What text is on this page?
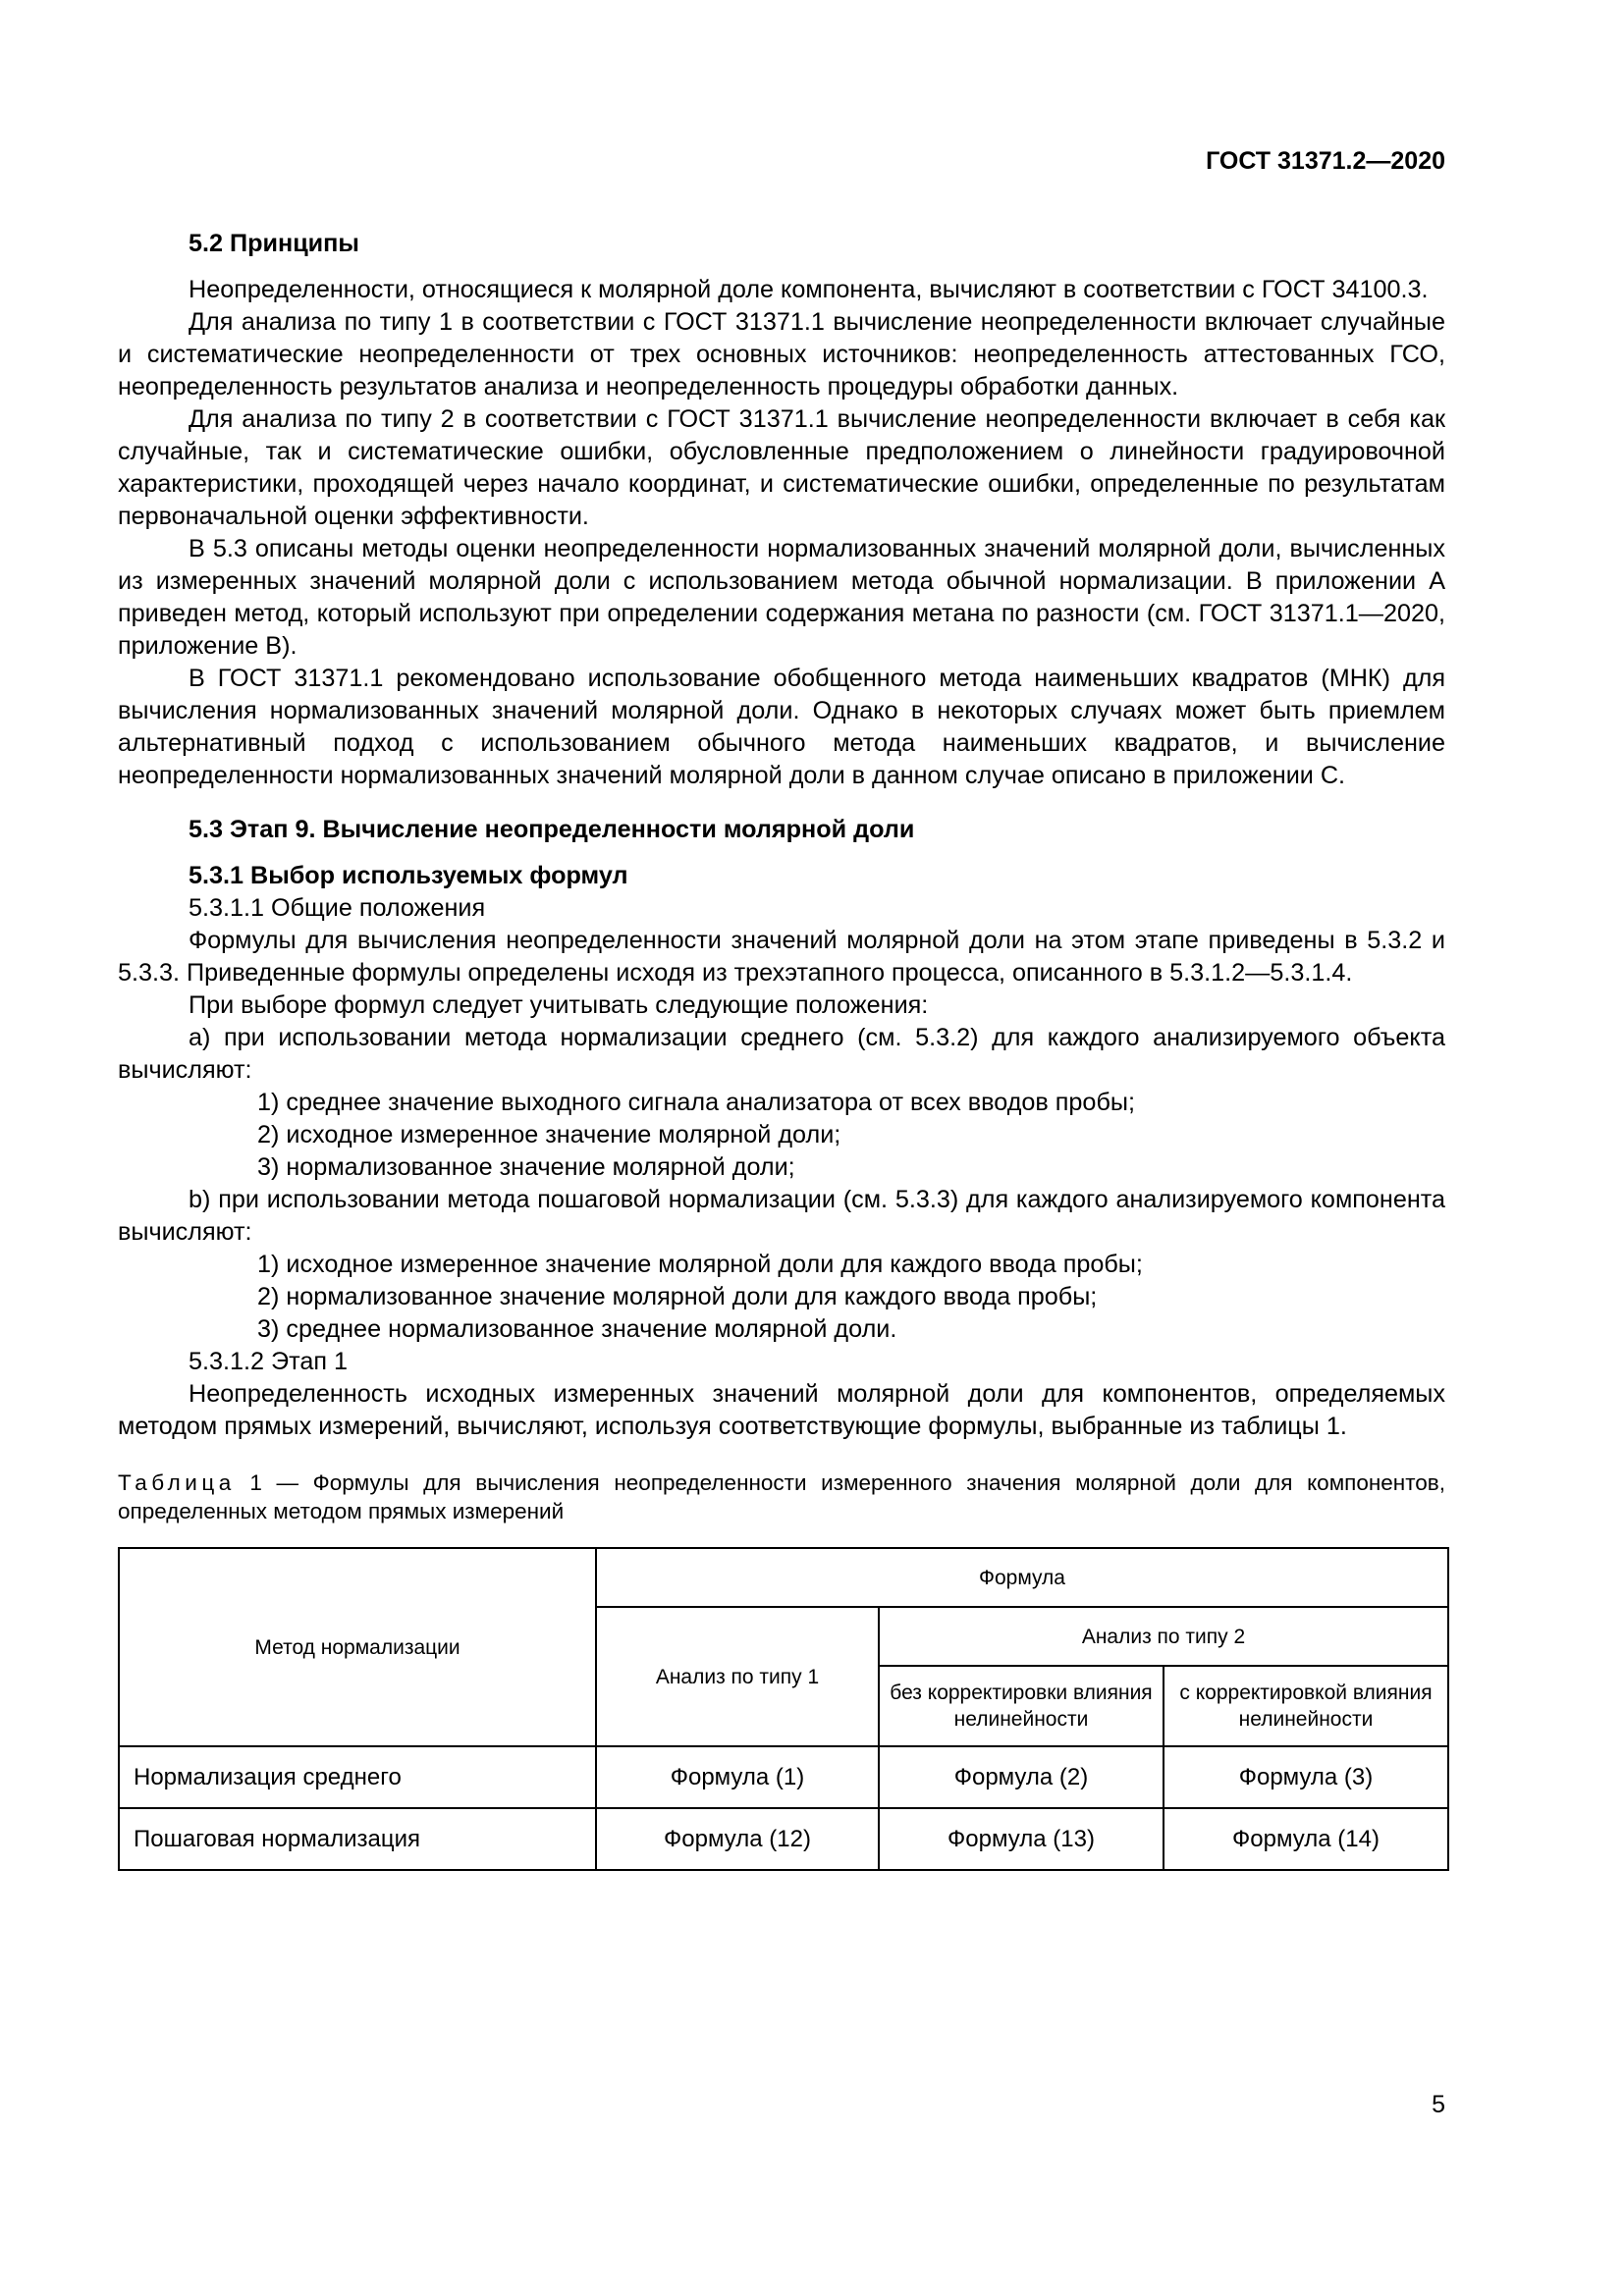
ГОСТ 31371.2—2020

5.2 Принципы

Неопределенности, относящиеся к молярной доле компонента, вычисляют в соответствии с ГОСТ 34100.3.

Для анализа по типу 1 в соответствии с ГОСТ 31371.1 вычисление неопределенности включает случайные и систематические неопределенности от трех основных источников: неопределенность аттестованных ГСО, неопределенность результатов анализа и неопределенность процедуры обработки данных.

Для анализа по типу 2 в соответствии с ГОСТ 31371.1 вычисление неопределенности включает в себя как случайные, так и систематические ошибки, обусловленные предположением о линейности градуировочной характеристики, проходящей через начало координат, и систематические ошибки, определенные по результатам первоначальной оценки эффективности.

В 5.3 описаны методы оценки неопределенности нормализованных значений молярной доли, вычисленных из измеренных значений молярной доли с использованием метода обычной нормализации. В приложении А приведен метод, который используют при определении содержания метана по разности (см. ГОСТ 31371.1—2020, приложение В).

В ГОСТ 31371.1 рекомендовано использование обобщенного метода наименьших квадратов (МНК) для вычисления нормализованных значений молярной доли. Однако в некоторых случаях может быть приемлем альтернативный подход с использованием обычного метода наименьших квадратов, и вычисление неопределенности нормализованных значений молярной доли в данном случае описано в приложении С.

5.3 Этап 9. Вычисление неопределенности молярной доли

5.3.1 Выбор используемых формул

5.3.1.1 Общие положения

Формулы для вычисления неопределенности значений молярной доли на этом этапе приведены в 5.3.2 и 5.3.3. Приведенные формулы определены исходя из трехэтапного процесса, описанного в 5.3.1.2—5.3.1.4.

При выборе формул следует учитывать следующие положения:

а) при использовании метода нормализации среднего (см. 5.3.2) для каждого анализируемого объекта вычисляют:

1) среднее значение выходного сигнала анализатора от всех вводов пробы;

2) исходное измеренное значение молярной доли;

3) нормализованное значение молярной доли;

b) при использовании метода пошаговой нормализации (см. 5.3.3) для каждого анализируемого компонента вычисляют:

1) исходное измеренное значение молярной доли для каждого ввода пробы;

2) нормализованное значение молярной доли для каждого ввода пробы;

3) среднее нормализованное значение молярной доли.

5.3.1.2 Этап 1

Неопределенность исходных измеренных значений молярной доли для компонентов, определяемых методом прямых измерений, вычисляют, используя соответствующие формулы, выбранные из таблицы 1.

Таблица 1 — Формулы для вычисления неопределенности измеренного значения молярной доли для компонентов, определенных методом прямых измерений

Метод нормализации	Формула		
	Анализ по типу 1	Анализ по типу 2	
		без корректировки влияния нелинейности	с корректировкой влияния нелинейности
Нормализация среднего	Формула (1)	Формула (2)	Формула (3)
Пошаговая нормализация	Формула (12)	Формула (13)	Формула (14)
5
